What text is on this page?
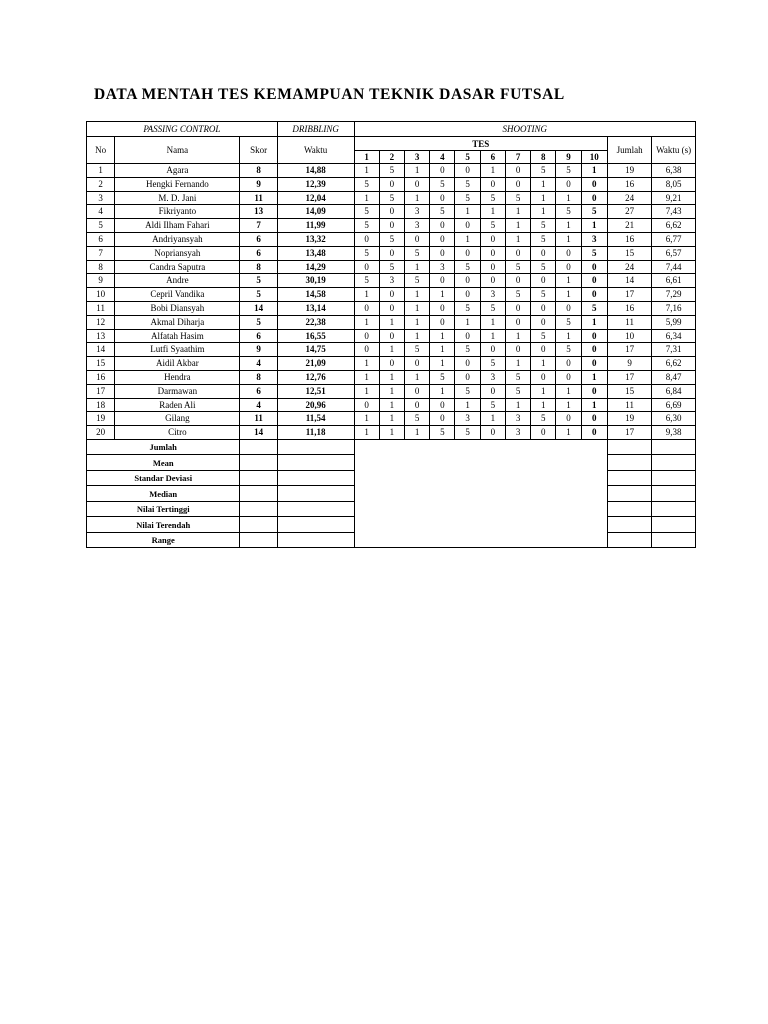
DATA MENTAH TES KEMAMPUAN TEKNIK DASAR FUTSAL
PASSING CONTROL			DRIBBLING	SHOOTING											
No	Nama	Skor	Waktu	TES										Jumlah	Waktu (s)
				1	2	3	4	5	6	7	8	9	10		
1	Agara	8	14,88	1	5	1	0	0	1	0	5	5	1	19	6,38
2	Hengki Fernando	9	12,39	5	0	0	5	5	0	0	1	0	0	16	8,05
3	M. D. Jani	11	12,04	1	5	1	0	5	5	5	1	1	0	24	9,21
4	Fikriyanto	13	14,09	5	0	3	5	1	1	1	1	5	5	27	7,43
5	Aldi Ilham Fahari	7	11,99	5	0	3	0	0	5	1	5	1	1	21	6,62
6	Andriyansyah	6	13,32	0	5	0	0	1	0	1	5	1	3	16	6,77
7	Nopriansyah	6	13,48	5	0	5	0	0	0	0	0	0	5	15	6,57
8	Candra Saputra	8	14,29	0	5	1	3	5	0	5	5	0	0	24	7,44
9	Andre	5	30,19	5	3	5	0	0	0	0	0	1	0	14	6,61
10	Cepril Vandika	5	14,58	1	0	1	1	0	3	5	5	1	0	17	7,29
11	Bobi Diansyah	14	13,14	0	0	1	0	5	5	0	0	0	5	16	7,16
12	Akmal Diharja	5	22,38	1	1	1	0	1	1	0	0	5	1	11	5,99
13	Alfatah Hasim	6	16,55	0	0	1	1	0	1	1	5	1	0	10	6,34
14	Lutfi Syaathim	9	14,75	0	1	5	1	5	0	0	0	5	0	17	7,31
15	Aidil Akbar	4	21,09	1	0	0	1	0	5	1	1	0	0	9	6,62
16	Hendra	8	12,76	1	1	1	5	0	3	5	0	0	1	17	8,47
17	Darmawan	6	12,51	1	1	0	1	5	0	5	1	1	0	15	6,84
18	Raden Ali	4	20,96	0	1	0	0	1	5	1	1	1	1	11	6,69
19	Gilang	11	11,54	1	1	5	0	3	1	3	5	0	0	19	6,30
20	Citro	14	11,18	1	1	1	5	5	0	3	0	1	0	17	9,38
Jumlah															
Mean															
Standar Deviasi															
Median															
Nilai Tertinggi															
Nilai Terendah															
Range															
